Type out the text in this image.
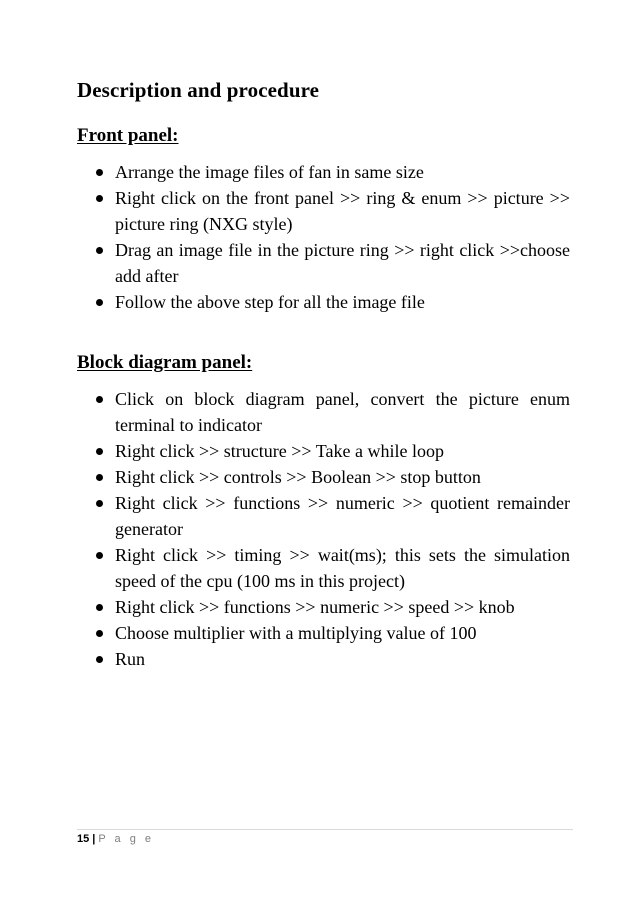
Description and procedure
Front panel:
Arrange the image files of fan in same size
Right click on the front panel >> ring & enum >> picture >> picture ring (NXG style)
Drag an image file in the picture ring >> right click >>choose add after
Follow the above step for all the image file
Block diagram panel:
Click on block diagram panel, convert the picture enum terminal to indicator
Right click >> structure >> Take a while loop
Right click >> controls >> Boolean >> stop button
Right click >> functions >> numeric >> quotient remainder generator
Right click >> timing >> wait(ms); this sets the simulation speed of the cpu (100 ms in this project)
Right click >> functions >> numeric >> speed >> knob
Choose multiplier with a multiplying value of 100
Run
15 | P a g e
